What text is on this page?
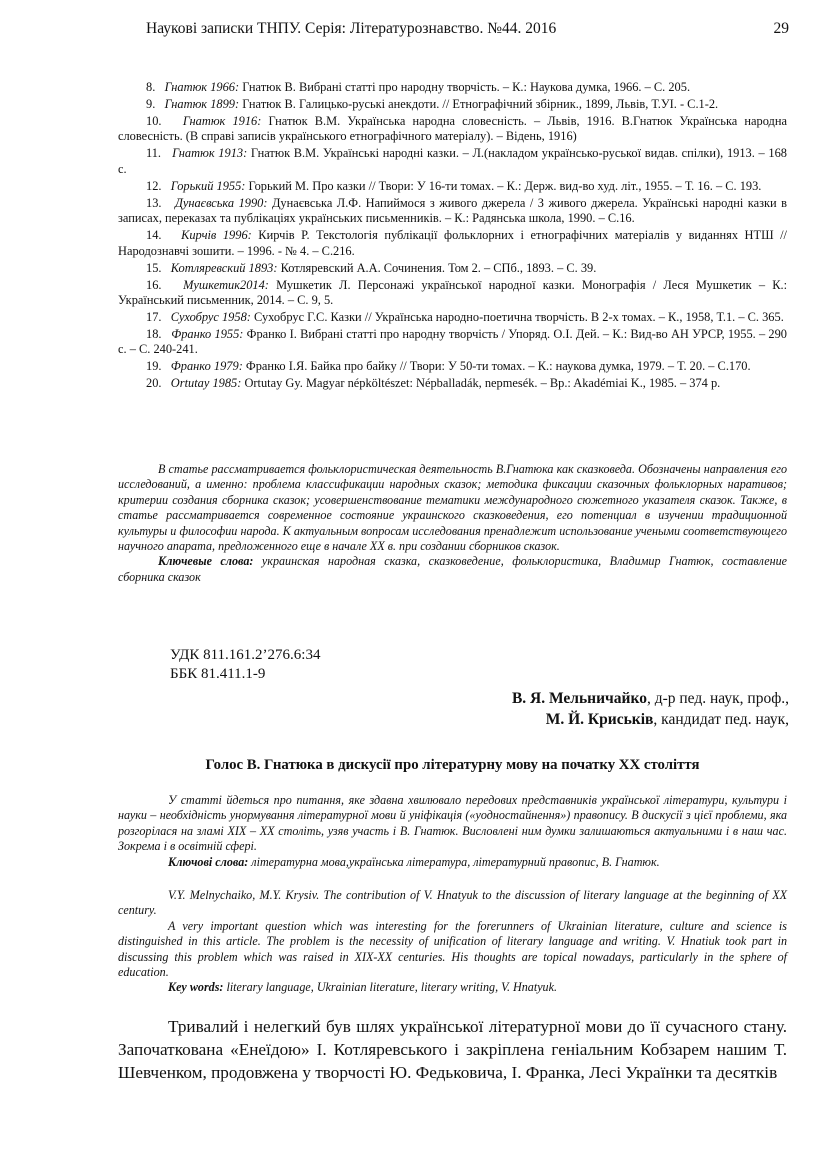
Наукові записки ТНПУ. Серія: Літературознавство. №44. 2016	29

8. Гнатюк 1966: Гнатюк В. Вибрані статті про народну творчість. – К.: Наукова думка, 1966. – С. 205.

9. Гнатюк 1899: Гнатюк В. Галицько-руські анекдоти. // Етнографічний збірник., 1899, Львів, Т.УІ. - С.1-2.

10. Гнатюк 1916: Гнатюк В.М. Українська народна словесність. – Львів, 1916. В.Гнатюк Українська народна словесність. (В справі записів українського етнографічного матеріалу). – Відень, 1916)

11. Гнатюк 1913: Гнатюк В.М. Українські народні казки. – Л.(накладом українсько-руської видав. спілки), 1913. – 168 с.

12. Горький 1955: Горький М. Про казки // Твори: У 16-ти томах. – К.: Держ. вид-во худ. літ., 1955. – Т. 16. – С. 193.

13. Дунаєвська 1990: Дунаєвська Л.Ф. Напиймося з живого джерела / З живого джерела. Українські народні казки в записах, переказах та публікаціях українських письменників. – К.: Радянська школа, 1990. – С.16.

14. Кирчів 1996: Кирчів Р. Текстологія публікації фольклорних і етнографічних матеріалів у виданнях НТШ // Народознавчі зошити. – 1996. - № 4. – С.216.

15. Котляревский 1893: Котляревский А.А. Сочинения. Том 2. – СПб., 1893. – С. 39.

16. Мушкетик2014: Мушкетик Л. Персонажі української народної казки. Монографія / Леся Мушкетик – К.: Український письменник, 2014. – С. 9, 5.

17. Сухобрус 1958: Сухобрус Г.С. Казки // Українська народно-поетична творчість. В 2-х томах. – К., 1958, Т.1. – С. 365.

18. Франко 1955: Франко І. Вибрані статті про народну творчість / Упоряд. О.І. Дей. – К.: Вид-во АН УРСР, 1955. – 290 с. – С. 240-241.

19. Франко 1979: Франко І.Я. Байка про байку // Твори: У 50-ти томах. – К.: наукова думка, 1979. – Т. 20. – С.170.

20. Ortutay 1985: Ortutay Gy. Magyar népköltészet: Népballadák, nepmesék. – Bp.: Akadémiai K., 1985. – 374 p.

В статье рассматривается фольклористическая деятельность В.Гнатюка как сказковеда. Обозначены направления его исследований, а именно: проблема классификации народных сказок; методика фиксации сказочных фольклорных наративов; критерии создания сборника сказок; усовершенствование тематики международного сюжетного указателя сказок. Также, в статье рассматривается современное состояние украинского сказковедения, его потенциал в изучении традиционной культуры и философии народа. К актуальным вопросам исследования пренадлежит использование учеными соответствующего научного апарата, предложенного еще в начале ХХ в. при создании сборников сказок.

Ключевые слова: украинская народная сказка, сказковедение, фольклористика, Владимир Гнатюк, составление сборника сказок

УДК 811.161.2’276.6:34
ББК 81.411.1-9
В. Я. Мельничайко, д-р пед. наук, проф.,
М. Й. Криськів, кандидат пед. наук,
Голос В. Гнатюка в дискусії про літературну мову на початку ХХ століття

У статті йдеться про питання, яке здавна хвилювало передових представників української літератури, культури і науки – необхідність унормування літературної мови й уніфікація («уодностайнення») правопису. В дискусії з цієї проблеми, яка розгорілася на зламі ХІХ – ХХ століть, узяв участь і В. Гнатюк. Висловлені ним думки залишаються актуальними і в наш час. Зокрема і в освітній сфері.

Ключові слова: літературна мова,українська література, літературний правопис, В. Гнатюк.

V.Y. Melnychaiko, M.Y. Krysiv. The contribution of V. Hnatyuk to the discussion of literary language at the beginning of XX century.

A very important question which was interesting for the forerunners of Ukrainian literature, culture and science is distinguished in this article. The problem is the necessity of unification of literary language and writing. V. Hnatiuk took part in discussing this problem which was raised in XIX-XX centuries. His thoughts are topical nowadays, particularly in the sphere of education.

Key words: literary language, Ukrainian literature, literary writing, V. Hnatyuk.

Тривалий і нелегкий був шлях української літературної мови до її сучасного стану. Започаткована «Енеїдою» І. Котляревського і закріплена геніальним Кобзарем нашим Т. Шевченком, продовжена у творчості Ю. Федьковича, І. Франка, Лесі Українки та десятків
